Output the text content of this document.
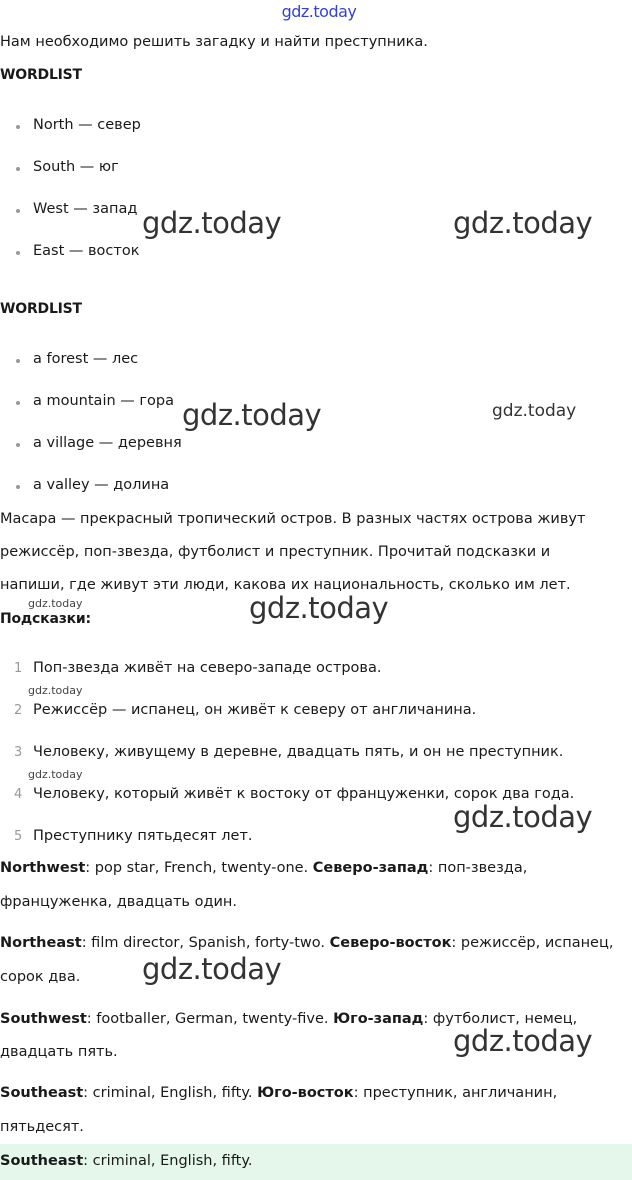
gdz.today
Нам необходимо решить загадку и найти преступника.
WORDLIST
North — север
South — юг
West — запад
East — восток
WORDLIST
a forest — лес
a mountain — гора
a village — деревня
a valley — долина
Масара — прекрасный тропический остров. В разных частях острова живут
режиссёр, поп-звезда, футболист и преступник. Прочитай подсказки и
напиши, где живут эти люди, какова их национальность, сколько им лет.
Подсказки:
1 Поп-звезда живёт на северо-западе острова.
2 Режиссёр — испанец, он живёт к северу от англичанина.
3 Человеку, живущему в деревне, двадцать пять, и он не преступник.
4 Человеку, который живёт к востоку от француженки, сорок два года.
5 Преступнику пятьдесят лет.
Northwest: pop star, French, twenty-one. Северо-запад: поп-звезда,
француженка, двадцать один.
Northeast: film director, Spanish, forty-two. Северо-восток: режиссёр, испанец,
сорок два.
Southwest: footballer, German, twenty-five. Юго-запад: футболист, немец,
двадцать пять.
Southeast: criminal, English, fifty. Юго-восток: преступник, англичанин,
пятьдесят.
Southeast: criminal, English, fifty.
gdz.today	gdz.today
gdz.today	gdz.today
gdz.today	gdz.today
gdz.today
gdz.today
gdz.today
gdz.today
gdz.today
